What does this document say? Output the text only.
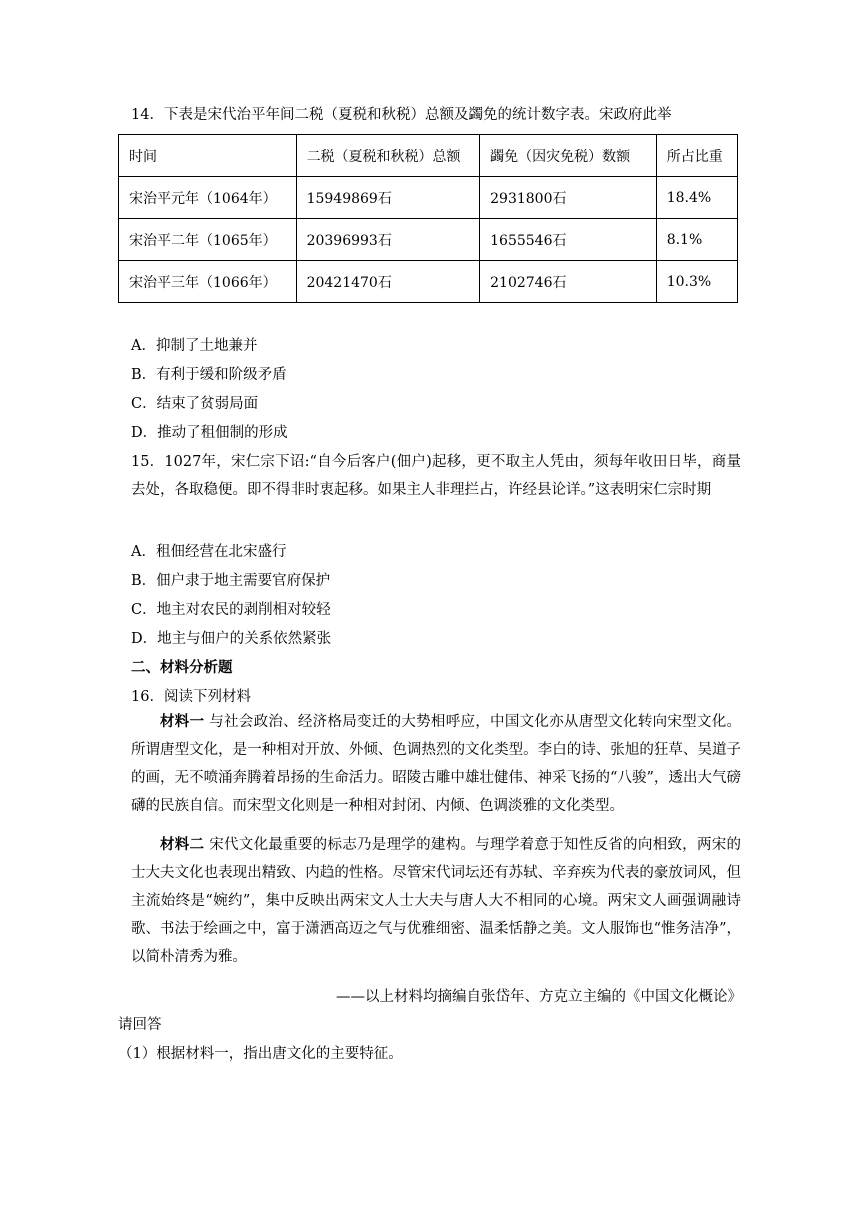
14．下表是宋代治平年间二税（夏税和秋税）总额及蠲免的统计数字表。宋政府此举
时间	二税（夏税和秋税）总额	蠲免（因灾免税）数额	所占比重
宋治平元年（1064年）	15949869石	2931800石	18.4%
宋治平二年（1065年）	20396993石	1655546石	8.1%
宋治平三年（1066年）	20421470石	2102746石	10.3%
A．抑制了土地兼并
B．有利于缓和阶级矛盾
C．结束了贫弱局面
D．推动了租佃制的形成
15．1027年，宋仁宗下诏:“自今后客户(佃户)起移，更不取主人凭由，须每年收田日毕，商量去处，各取稳便。即不得非时衷起移。如果主人非理拦占，许经县论详。”这表明宋仁宗时期
A．租佃经营在北宋盛行
B．佃户隶于地主需要官府保护
C．地主对农民的剥削相对较轻
D．地主与佃户的关系依然紧张
二、材料分析题
16．阅读下列材料
材料一 与社会政治、经济格局变迁的大势相呼应，中国文化亦从唐型文化转向宋型文化。所谓唐型文化，是一种相对开放、外倾、色调热烈的文化类型。李白的诗、张旭的狂草、吴道子的画，无不喷涌奔腾着昂扬的生命活力。昭陵古雕中雄壮健伟、神采飞扬的“八骏”，透出大气磅礴的民族自信。而宋型文化则是一种相对封闭、内倾、色调淡雅的文化类型。
材料二 宋代文化最重要的标志乃是理学的建构。与理学着意于知性反省的向相致，两宋的士大夫文化也表现出精致、内趋的性格。尽管宋代词坛还有苏轼、辛弃疾为代表的豪放词风，但主流始终是“婉约”，集中反映出两宋文人士大夫与唐人大不相同的心境。两宋文人画强调融诗歌、书法于绘画之中，富于潇洒高迈之气与优雅细密、温柔恬静之美。文人服饰也“惟务洁净”，以简朴清秀为雅。
——以上材料均摘编自张岱年、方克立主编的《中国文化概论》
请回答
（1）根据材料一，指出唐文化的主要特征。
